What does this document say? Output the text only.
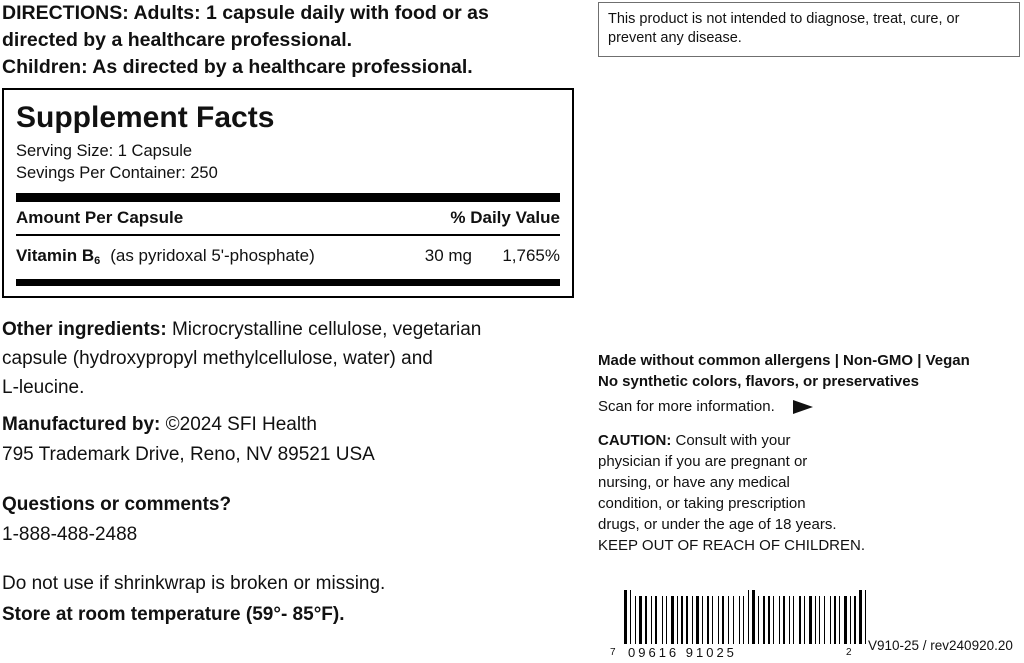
DIRECTIONS: Adults: 1 capsule daily with food or as
directed by a healthcare professional.
Children: As directed by a healthcare professional.
Supplement Facts
Serving Size: 1 Capsule
Sevings Per Container: 250
Amount Per Capsule	% Daily Value
Vitamin $B_6$ (as pyridoxal 5'-phosphate)	30 mg	1,765%
Other ingredients: Microcrystalline cellulose, vegetarian
capsule (hydroxypropyl methylcellulose, water) and
L-leucine.
Manufactured by: ©2024 SFI Health
795 Trademark Drive, Reno, NV 89521 USA
Questions or comments?
1-888-488-2488
Do not use if shrinkwrap is broken or missing.
Store at room temperature (59°- 85°F).
This product is not intended to diagnose, treat, cure, or prevent any disease.
Made without common allergens | Non-GMO | Vegan
No synthetic colors, flavors, or preservatives
Scan for more information.
CAUTION: Consult with your
physician if you are pregnant or
nursing, or have any medical
condition, or taking prescription
drugs, or under the age of 18 years.
KEEP OUT OF REACH OF CHILDREN.
7 09616 91025	2 V910-25 / rev240920.20
